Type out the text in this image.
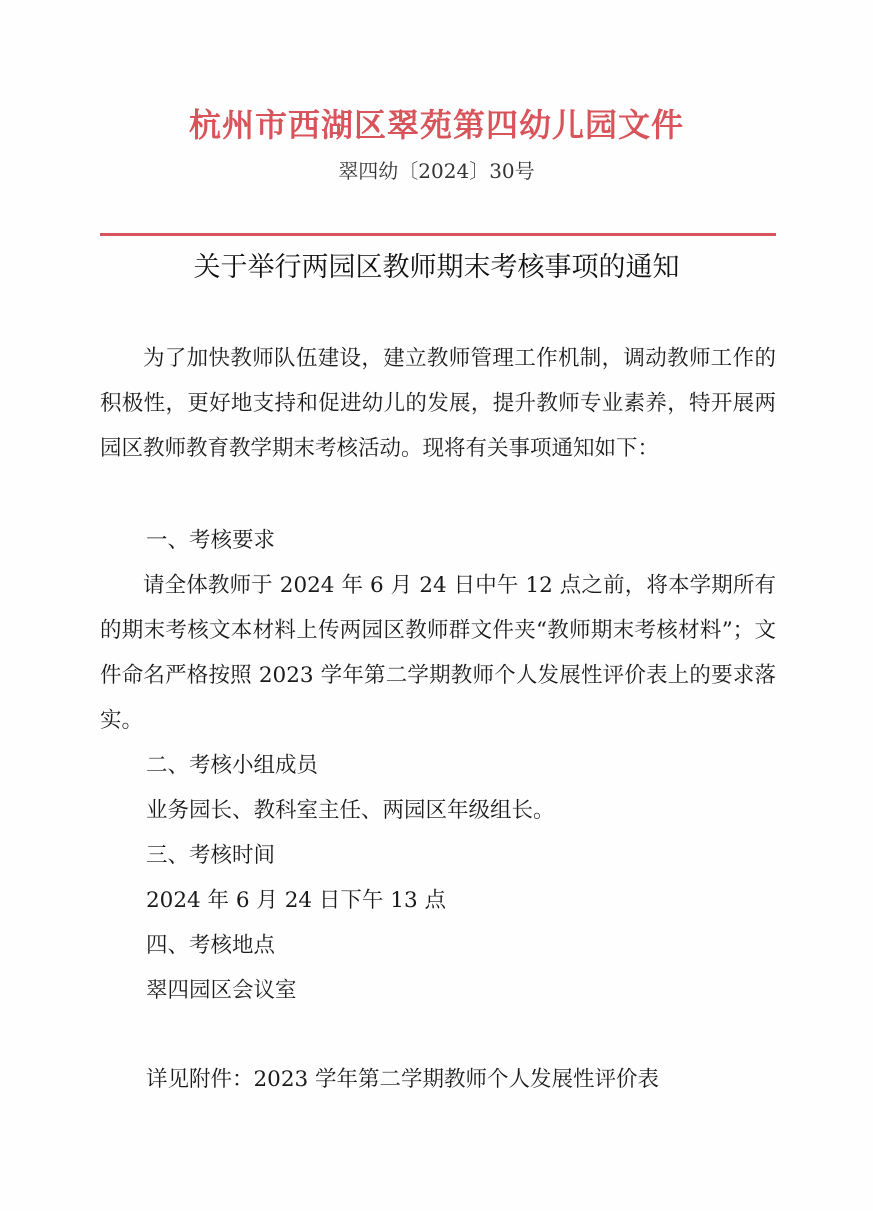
杭州市西湖区翠苑第四幼儿园文件
翠四幼〔2024〕30号
关于举行两园区教师期末考核事项的通知

为了加快教师队伍建设，建立教师管理工作机制，调动教师工作的积极性，更好地支持和促进幼儿的发展，提升教师专业素养，特开展两园区教师教育教学期末考核活动。现将有关事项通知如下：

一、考核要求

请全体教师于 2024 年 6 月 24 日中午 12 点之前，将本学期所有的期末考核文本材料上传两园区教师群文件夹“教师期末考核材料”；文件命名严格按照 2023 学年第二学期教师个人发展性评价表上的要求落实。

二、考核小组成员
业务园长、教科室主任、两园区年级组长。
三、考核时间
2024 年 6 月 24 日下午 13 点
四、考核地点
翠四园区会议室
详见附件：2023 学年第二学期教师个人发展性评价表
